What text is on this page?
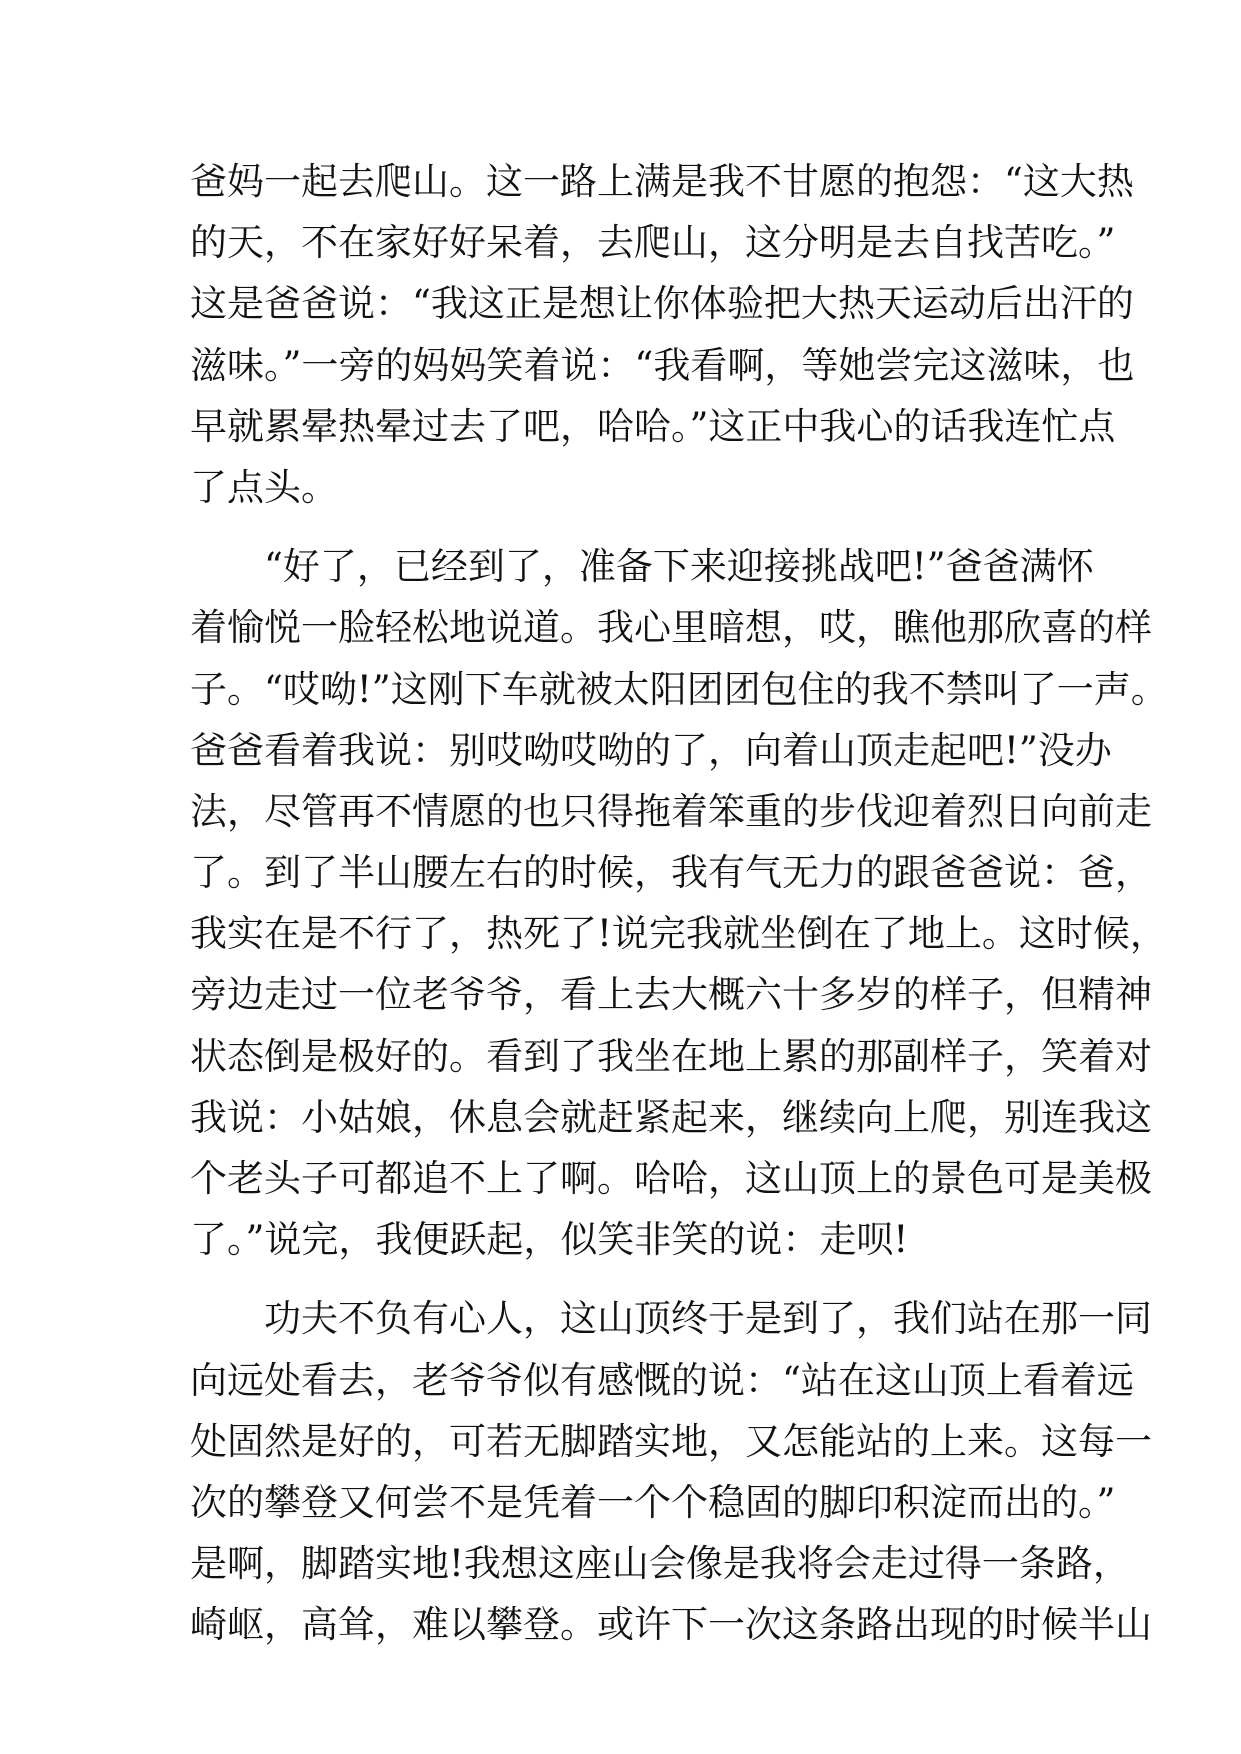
爸妈一起去爬山。这一路上满是我不甘愿的抱怨：“这大热
的天，不在家好好呆着，去爬山，这分明是去自找苦吃。”
这是爸爸说：“我这正是想让你体验把大热天运动后出汗的
滋味。”一旁的妈妈笑着说：“我看啊，等她尝完这滋味，也
早就累晕热晕过去了吧，哈哈。”这正中我心的话我连忙点
了点头。
　　“好了，已经到了，准备下来迎接挑战吧!”爸爸满怀
着愉悦一脸轻松地说道。我心里暗想，哎，瞧他那欣喜的样
子。“哎呦!”这刚下车就被太阳团团包住的我不禁叫了一声。
爸爸看着我说：别哎呦哎呦的了，向着山顶走起吧!”没办
法，尽管再不情愿的也只得拖着笨重的步伐迎着烈日向前走
了。到了半山腰左右的时候，我有气无力的跟爸爸说：爸，
我实在是不行了，热死了!说完我就坐倒在了地上。这时候，
旁边走过一位老爷爷，看上去大概六十多岁的样子，但精神
状态倒是极好的。看到了我坐在地上累的那副样子，笑着对
我说：小姑娘，休息会就赶紧起来，继续向上爬，别连我这
个老头子可都追不上了啊。哈哈，这山顶上的景色可是美极
了。”说完，我便跃起，似笑非笑的说：走呗!
　　功夫不负有心人，这山顶终于是到了，我们站在那一同
向远处看去，老爷爷似有感慨的说：“站在这山顶上看着远
处固然是好的，可若无脚踏实地，又怎能站的上来。这每一
次的攀登又何尝不是凭着一个个稳固的脚印积淀而出的。”
是啊，脚踏实地!我想这座山会像是我将会走过得一条路，
崎岖，高耸，难以攀登。或许下一次这条路出现的时候半山
